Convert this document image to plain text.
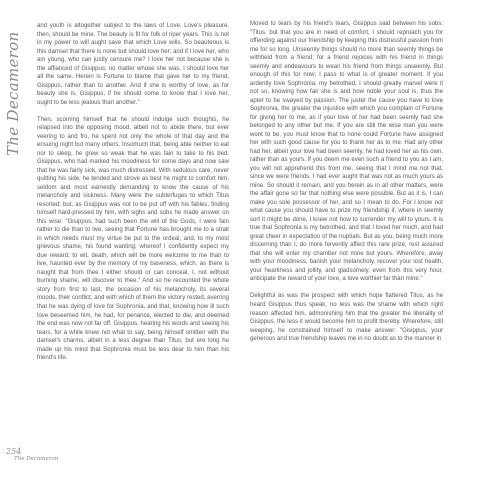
The Decameron

and youth is altogether subject to the laws of Love. Love's pleasure, then, should be mine. The beauty is fit for folk of riper years. This is not in my power to will aught save that which Love wills. So beauteous is this damsel that there is none but should love her; and if I love her, who am young, who can justly censure me? I love her not because she is the affianced of Gisippus; no matter whose she was, I should love her all the same. Herein is Fortune to blame that gave her to my friend, Gisippus, rather than to another. And if she is worthy of love, as for beauty she is, Gisippus, if he should come to know that I love her, ought to be less jealous than another."

Then, scorning himself that he should indulge such thoughts, he relapsed into the opposing mood, albeit not to abide there, but ever veering to and fro, he spent not only the whole of that day and the ensuing night but many others. Insomuch that, being able neither to eat nor to sleep, he grew so weak that he was fain to take to his bed. Gisippus, who had marked his moodiness for some days and now saw that he was fairly sick, was much distressed. With sedulous care, never quitting his side, he tended and strove as best he might to comfort him, seldom and most earnestly demanding to know the cause of his melancholy and sickness. Many were the subterfuges to which Titus resorted; but, as Gisippus was not to be put off with his fables, finding himself hard-pressed by him, with sighs and sobs he made answer on this wise: "Gisippus, had such been the will of the Gods, I were fain rather to die than to live, seeing that Fortune has brought me to a strait in which needs must my virtue be put to the ordeal, and, to my most grievous shame, his found wanting; whereof I confidently expect my due reward, to wit, death, which will be more welcome to me than to live, haunted ever by the memory of my baseness, which, as there is naught that from thee I either should or can conceal, I, not without burning shame, will discover to thee." And so he recounted the whole story from first to last, the occasion of his melancholy, its several moods, their conflict, and with which of them the victory rested, averring that he was dying of love for Sophronia, and that, knowing how ill such love beseemed him, he had, for penance, elected to die, and deemed the end was now not far off. Gisippus, hearing his words and seeing his tears, for a while knew not what to say, being himself smitten with the damsel's charms, albeit in a less degree than Titus; but ere long he made up his mind that Sophronia must be less dear to him than his friend's life.

Moved to tears by his friend's tears, Gisippus said between his sobs: "Titus, but that you are in need of comfort, I should reproach you for offending against our friendship by keeping this distressful passion from me for so long. Unseemly things should no more than seemly things be withheld from a friend; for a friend rejoices with his friend in things seemly and endeavours to wean his friend from things unseemly. But enough of this for now; I pass to what is of greater moment. If you ardently love Sophronia, my betrothed, I should greatly marvel were it not so, knowing how fair she is and how noble your soul is, thus the apter to be swayed by passion. The juster the cause you have to love Sophronia, the greater the injustice with which you complain of Fortune for giving her to me, as if your love of her had been seemly had she belonged to any other but me. If you are still the wise man you were wont to be, you must know that to none could Fortune have assigned her with such good cause for you to thank her as to me. Had any other had her, albeit your love had been seemly, he had loved her as his own, rather than as yours. If you deem me even such a friend to you as I am, you will not apprehend this from me, seeing that I mind me not that, since we were friends, I had ever aught that was not as much yours as mine. So should it remain, and you herein as in all other matters, were the affair gone so far that nothing else were possible. But as it is, I can make you sole possessor of her, and so I mean to do. For I know not what cause you should have to prize my friendship if, where in seemly sort it might be done, I knew not how to surrender my will to yours. It is true that Sophronia is my betrothed, and that I loved her much, and had great cheer in expectation of the nuptials. But as you, being much more discerning than I, do more fervently affect this rare prize, rest assured that she will enter my chamber not mine but yours. Wherefore, away with your moodiness, banish your melancholy, recover your lost health, your heartiness and jollity, and gladsomely, even from this very hour, anticipate the reward of your love, a love worthier far than mine."

Delightful as was the prospect with which hope flattered Titus, as he heard Gisippus thus speak, no less was the shame with which right reason affected him, admonishing him that the greater the liberality of Gisippus, the less it would become him to profit thereby. Wherefore, still weeping, he constrained himself to make answer: "Gisippus, your generous and true friendship leaves me in no doubt as to the manner in

254
The Decameron
